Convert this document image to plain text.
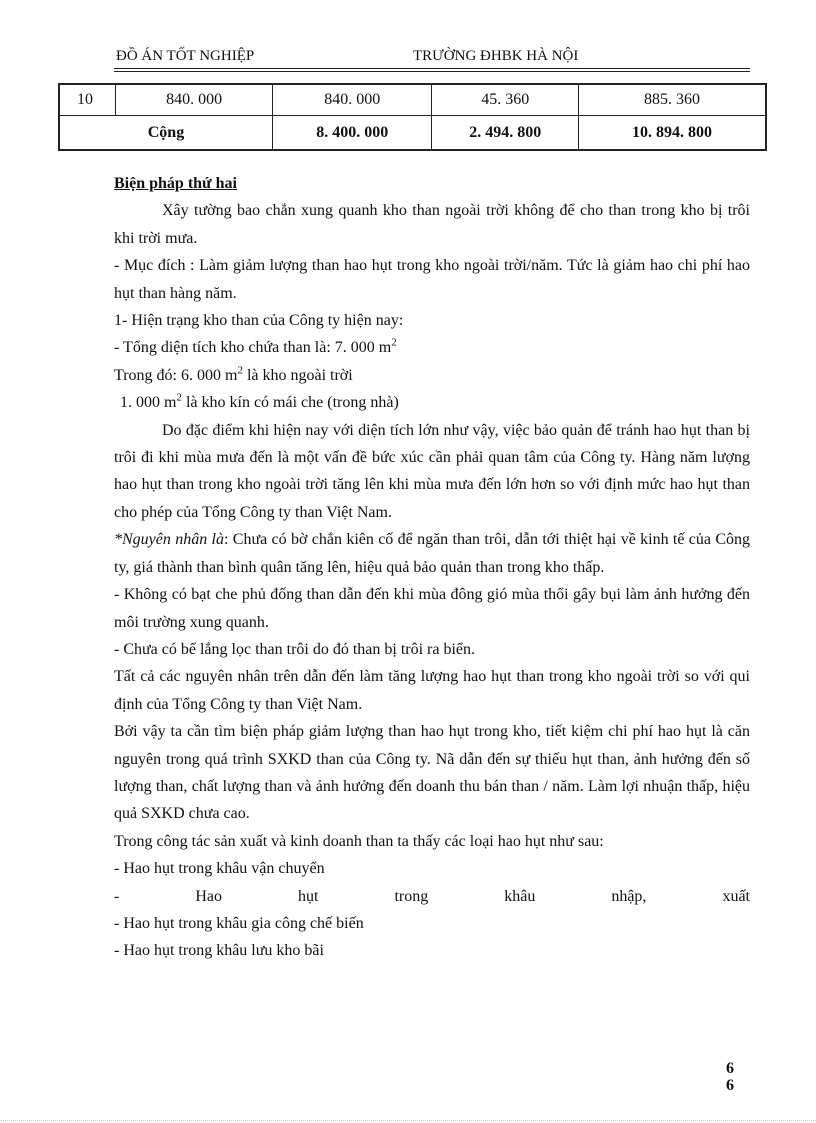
ĐỒ ÁN TỐT NGHIỆP	TRƯỜNG ĐHBK HÀ NỘI
10	840. 000	840. 000	45. 360	885. 360
Cộng		8. 400. 000	2. 494. 800	10. 894. 800

Biện pháp thứ hai

Xây tường bao chắn xung quanh kho than ngoài trời không để cho than trong kho bị trôi khi trời mưa.

- Mục đích : Làm giảm lượng than hao hụt trong kho ngoài trời/năm. Tức là giảm hao chi phí hao hụt than hàng năm.

1- Hiện trạng kho than của Công ty hiện nay:

- Tổng diện tích kho chứa than là: 7. 000 $m^2$

Trong đó: 6. 000 $m^2$ là kho ngoài trời

1. 000 $m^2$ là kho kín có mái che (trong nhà)

Do đặc điểm khi hiện nay với diện tích lớn như vậy, việc bảo quản để tránh hao hụt than bị trôi đi khi mùa mưa đến là một vấn đề bức xúc cần phải quan tâm của Công ty. Hàng năm lượng hao hụt than trong kho ngoài trời tăng lên khi mùa mưa đến lớn hơn so với định mức hao hụt than cho phép của Tổng Công ty than Việt Nam.

*Nguyên nhân là: Chưa có bờ chắn kiên cố để ngăn than trôi, dẫn tới thiệt hại về kinh tế của Công ty, giá thành than bình quân tăng lên, hiệu quả bảo quản than trong kho thấp.

- Không có bạt che phủ đống than dẫn đến khi mùa đông gió mùa thổi gây bụi làm ảnh hưởng đến môi trường xung quanh.

- Chưa có bể lắng lọc than trôi do đó than bị trôi ra biển.

Tất cả các nguyên nhân trên dẫn đến làm tăng lượng hao hụt than trong kho ngoài trời so với qui định của Tổng Công ty than Việt Nam.

Bởi vậy ta cần tìm biện pháp giảm lượng than hao hụt trong kho, tiết kiệm chi phí hao hụt là căn nguyên trong quá trình SXKD than của Công ty. Nã dẫn đến sự thiếu hụt than, ảnh hưởng đến số lượng than, chất lượng than và ảnh hưởng đến doanh thu bán than / năm. Làm lợi nhuận thấp, hiệu quả SXKD chưa cao.

Trong công tác sản xuất và kinh doanh than ta thấy các loại hao hụt như sau:

- Hao hụt trong khâu vận chuyển

-	Hao	hụt	trong	khâu	nhập,	xuất

- Hao hụt trong khâu gia công chế biến

- Hao hụt trong khâu lưu kho bãi

6
6
